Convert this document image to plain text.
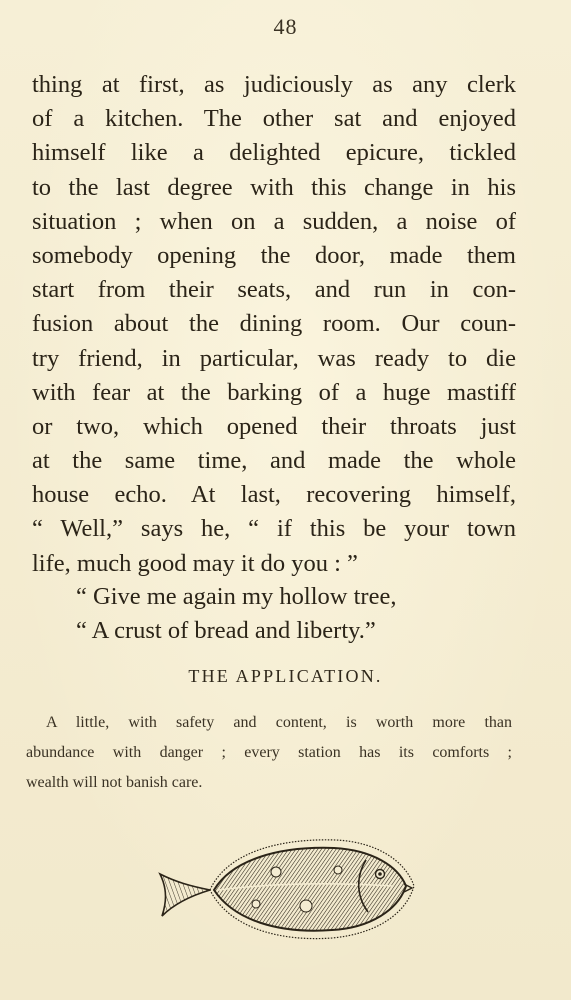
48
thing at first, as judiciously as any clerk
of a kitchen. The other sat and enjoyed
himself like a delighted epicure, tickled
to the last degree with this change in his
situation ; when on a sudden, a noise of
somebody opening the door, made them
start from their seats, and run in con-
fusion about the dining room. Our coun-
try friend, in particular, was ready to die
with fear at the barking of a huge mastiff
or two, which opened their throats just
at the same time, and made the whole
house echo. At last, recovering himself,
“ Well,” says he, “ if this be your town
life, much good may it do you : ”
“ Give me again my hollow tree,
“ A crust of bread and liberty.”
THE APPLICATION.
A little, with safety and content, is worth more than
abundance with danger ; every station has its comforts ;
wealth will not banish care.
